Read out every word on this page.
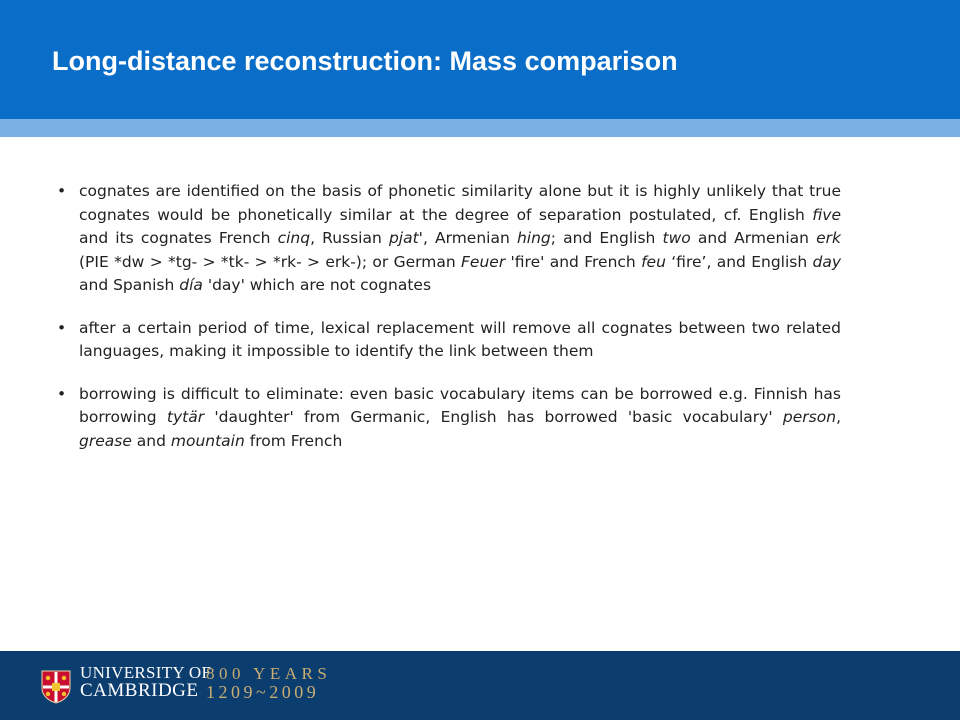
Long-distance reconstruction: Mass comparison
• cognates are identified on the basis of phonetic similarity alone but it is highly unlikely that true cognates would be phonetically similar at the degree of separation postulated, cf. English five and its cognates French cinq, Russian pjat', Armenian hing; and English two and Armenian erk (PIE *dw > *tg- > *tk- > *rk- > erk-); or German Feuer 'fire' and French feu ‘fire’, and English day and Spanish día 'day' which are not cognates
• after a certain period of time, lexical replacement will remove all cognates between two related languages, making it impossible to identify the link between them
• borrowing is difficult to eliminate: even basic vocabulary items can be borrowed e.g. Finnish has borrowing tytär 'daughter' from Germanic, English has borrowed 'basic vocabulary' person, grease and mountain from French
UNIVERSITY OF
CAMBRIDGE
800 YEARS
1209~2009
